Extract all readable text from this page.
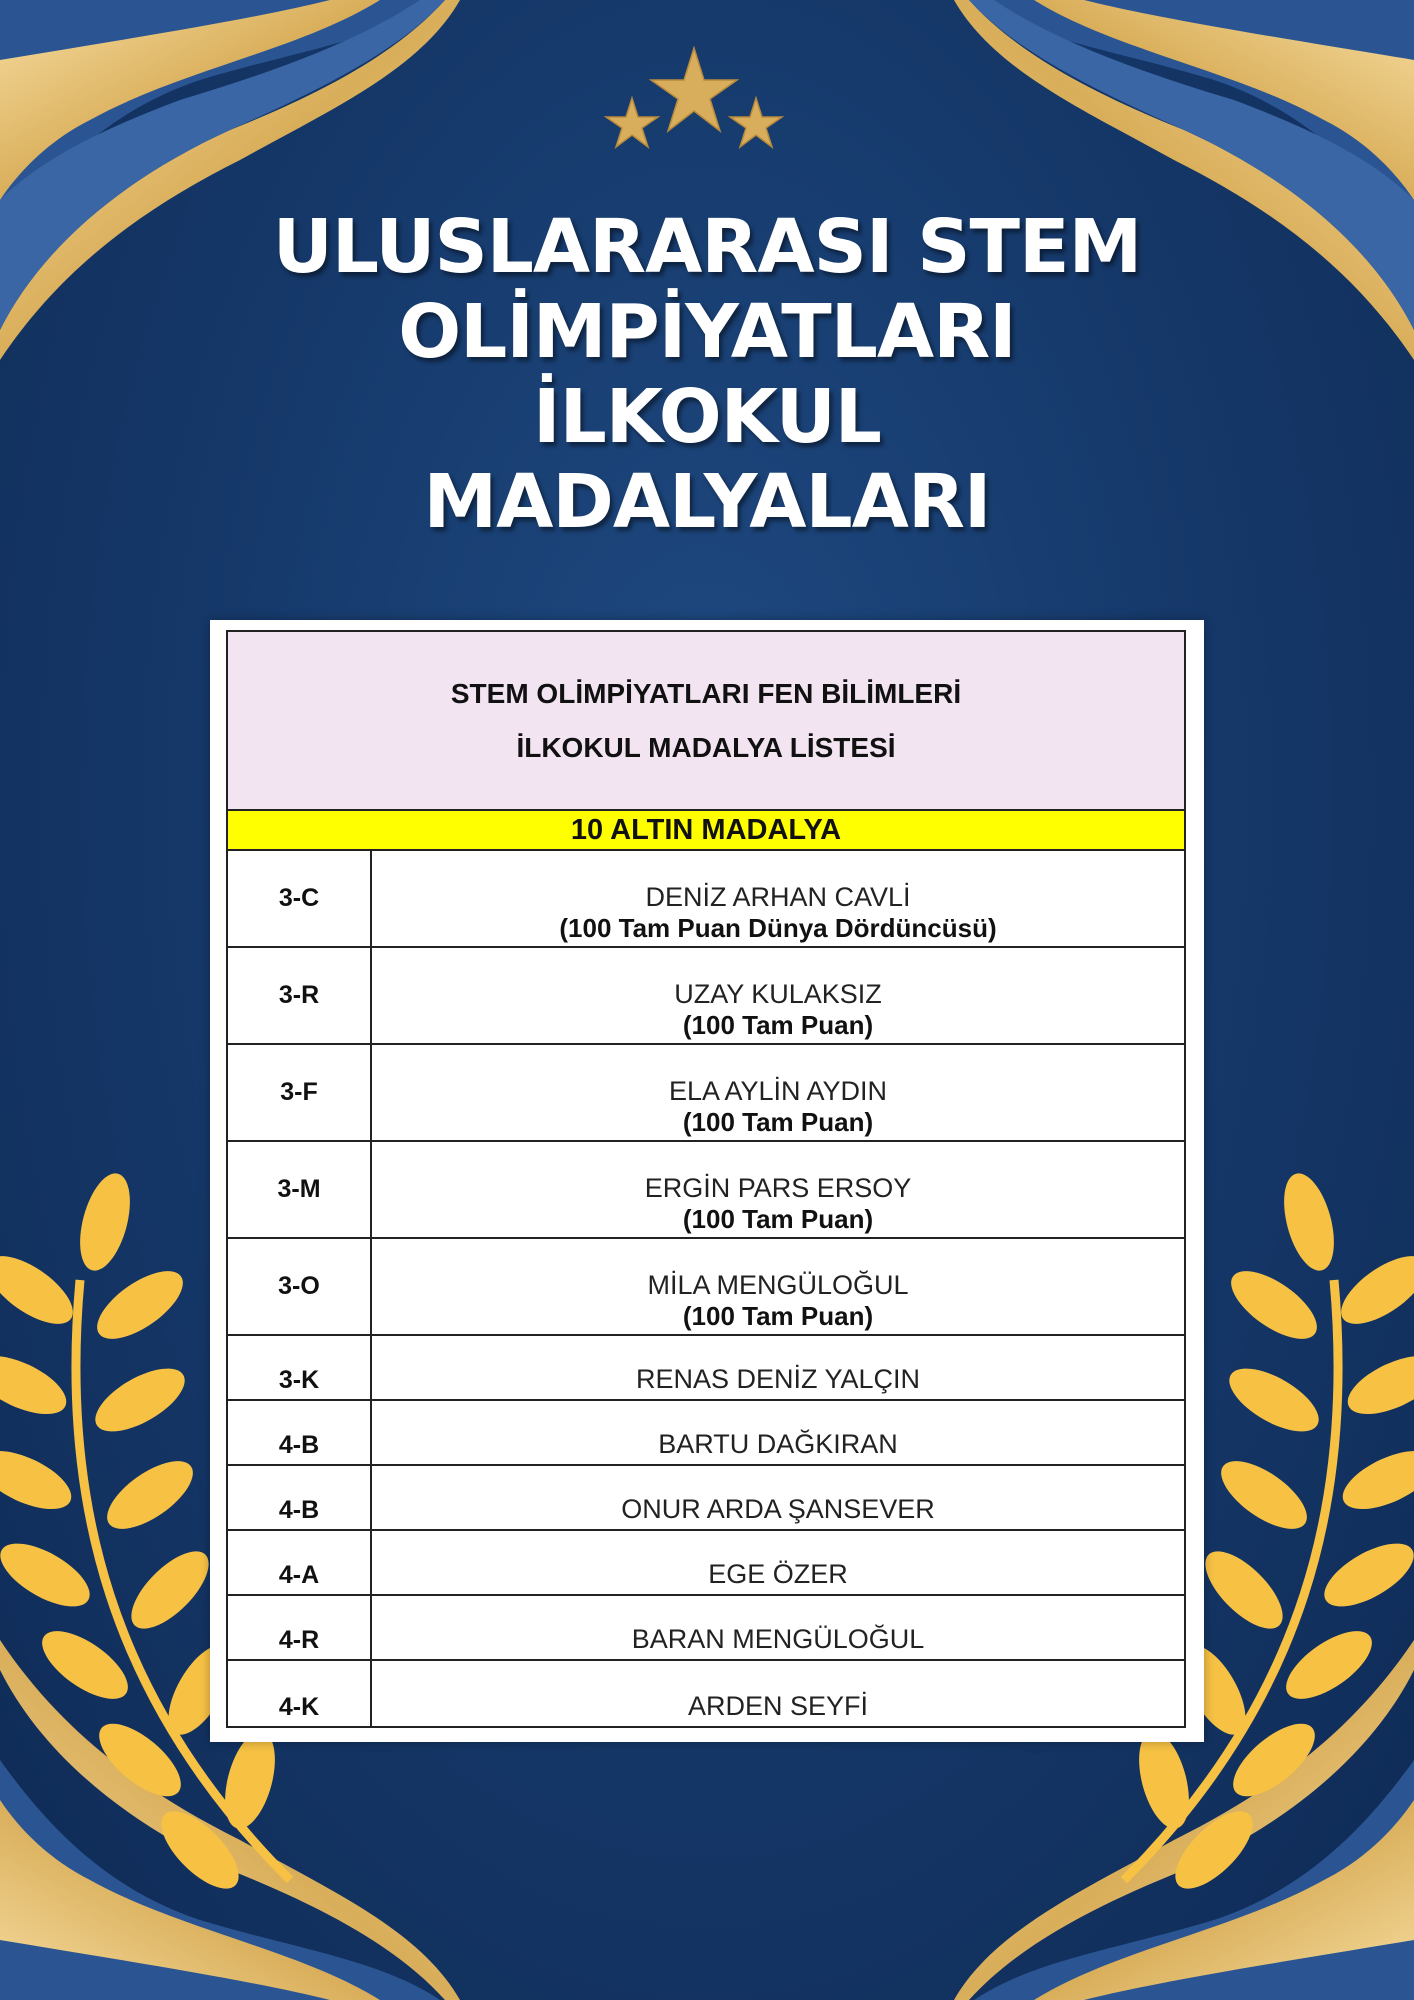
ULUSLARARASI STEM
OLİMPİYATLARI
İLKOKUL
MADALYALARI
STEM OLİMPİYATLARI FEN BİLİMLERİ
İLKOKUL MADALYA LİSTESİ
10 ALTIN MADALYA
3-C	DENİZ ARHAN CAVLİ
(100 Tam Puan Dünya Dördüncüsü)
3-R	UZAY KULAKSIZ
(100 Tam Puan)
3-F	ELA AYLİN AYDIN
(100 Tam Puan)
3-M	ERGİN PARS ERSOY
(100 Tam Puan)
3-O	MİLA MENGÜLOĞUL
(100 Tam Puan)
3-K	RENAS DENİZ YALÇIN
4-B	BARTU DAĞKIRAN
4-B	ONUR ARDA ŞANSEVER
4-A	EGE ÖZER
4-R	BARAN MENGÜLOĞUL
4-K	ARDEN SEYFİ
